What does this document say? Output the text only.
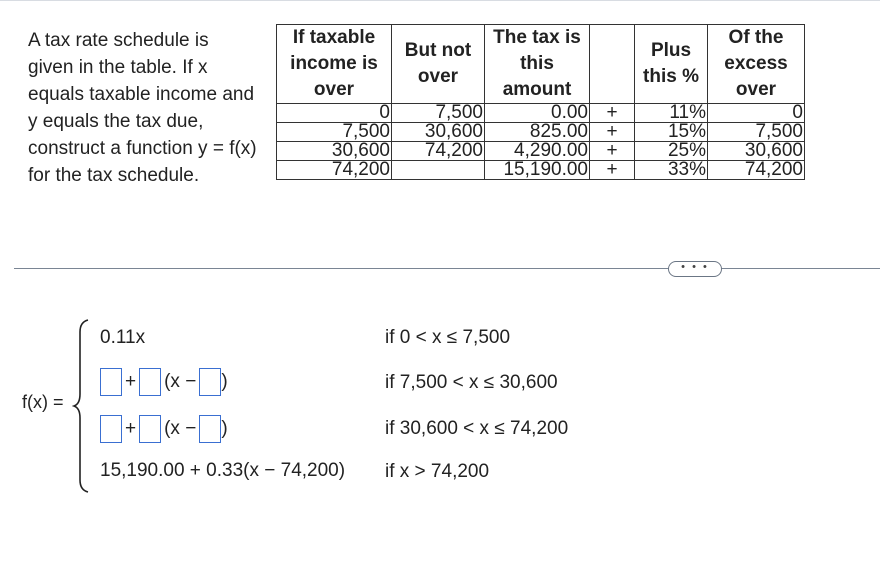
A tax rate schedule is given in the table. If x equals taxable income and y equals the tax due, construct a function y = f(x) for the tax schedule.
If taxable income is over	But not over	The tax is this amount		Plus this %	Of the excess over
0	7,500	0.00	+	11%	0
7,500	30,600	825.00	+	15%	7,500
30,600	74,200	4,290.00	+	25%	30,600
74,200		15,190.00	+	33%	74,200
• • •
f(x) =
0.11x
+ (x − )
+ (x − )
15,190.00 + 0.33(x − 74,200)
if 0 < x ≤ 7,500
if 7,500 < x ≤ 30,600
if 30,600 < x ≤ 74,200
if x > 74,200
